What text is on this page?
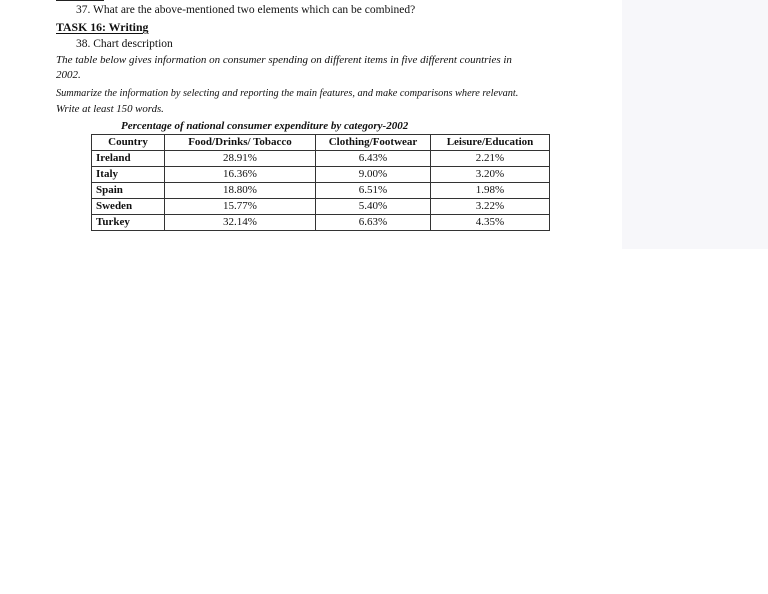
37. What are the above-mentioned two elements which can be combined?
TASK 16: Writing
38. Chart description
The table below gives information on consumer spending on different items in five different countries in
2002.
Summarize the information by selecting and reporting the main features, and make comparisons where relevant.
Write at least 150 words.
Percentage of national consumer expenditure by category-2002
Country	Food/Drinks/ Tobacco	Clothing/Footwear	Leisure/Education
Ireland	28.91%	6.43%	2.21%
Italy	16.36%	9.00%	3.20%
Spain	18.80%	6.51%	1.98%
Sweden	15.77%	5.40%	3.22%
Turkey	32.14%	6.63%	4.35%
